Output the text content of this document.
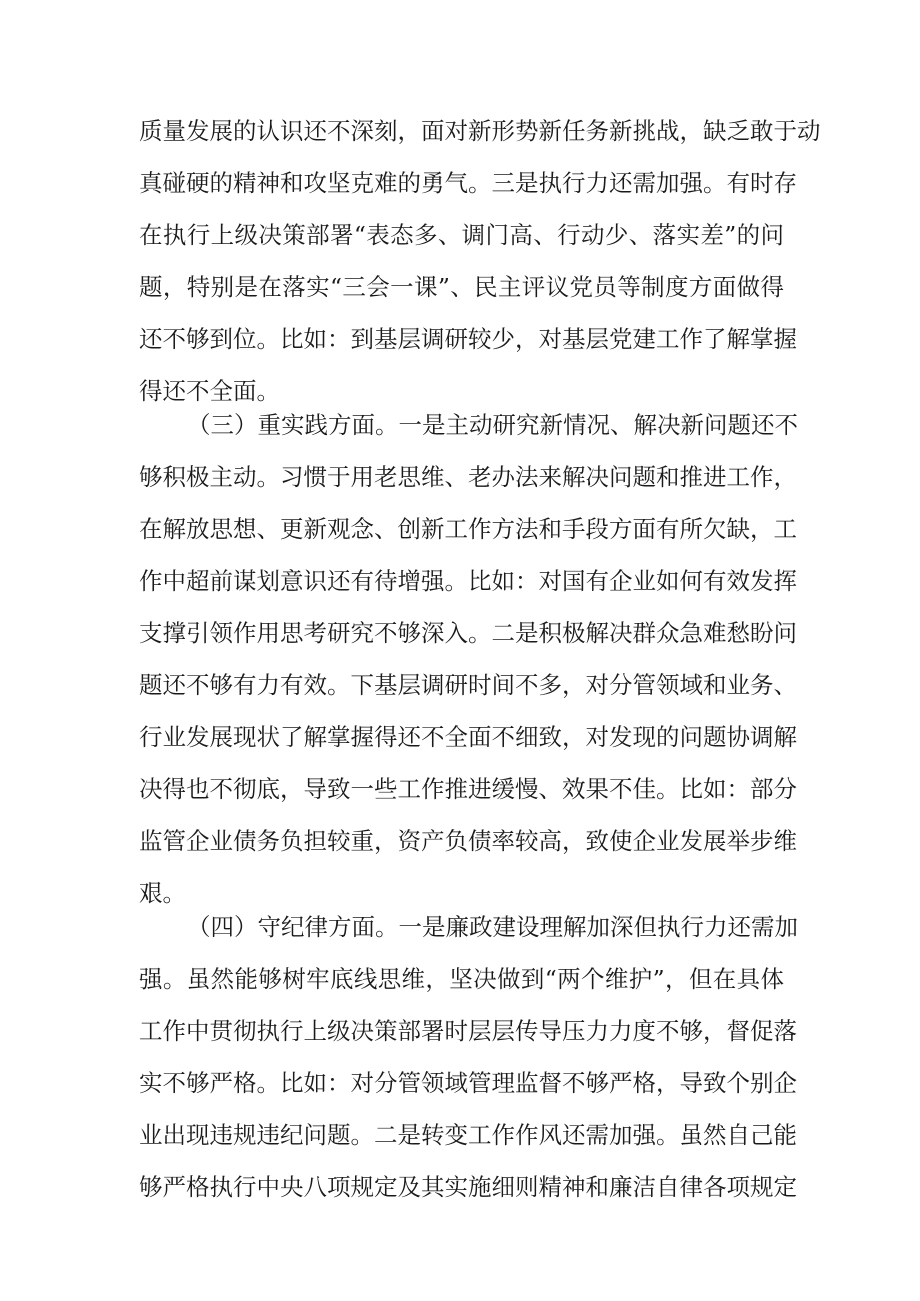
质量发展的认识还不深刻，面对新形势新任务新挑战，缺乏敢于动
真碰硬的精神和攻坚克难的勇气。三是执行力还需加强。有时存
在执行上级决策部署“表态多、调门高、行动少、落实差”的问
题，特别是在落实“三会一课”、民主评议党员等制度方面做得
还不够到位。比如：到基层调研较少，对基层党建工作了解掌握
得还不全面。
（三）重实践方面。一是主动研究新情况、解决新问题还不
够积极主动。习惯于用老思维、老办法来解决问题和推进工作，
在解放思想、更新观念、创新工作方法和手段方面有所欠缺，工
作中超前谋划意识还有待增强。比如：对国有企业如何有效发挥
支撑引领作用思考研究不够深入。二是积极解决群众急难愁盼问
题还不够有力有效。下基层调研时间不多，对分管领域和业务、
行业发展现状了解掌握得还不全面不细致，对发现的问题协调解
决得也不彻底，导致一些工作推进缓慢、效果不佳。比如：部分
监管企业债务负担较重，资产负债率较高，致使企业发展举步维
艰。
（四）守纪律方面。一是廉政建设理解加深但执行力还需加
强。虽然能够树牢底线思维，坚决做到“两个维护”，但在具体
工作中贯彻执行上级决策部署时层层传导压力力度不够，督促落
实不够严格。比如：对分管领域管理监督不够严格，导致个别企
业出现违规违纪问题。二是转变工作作风还需加强。虽然自己能
够严格执行中央八项规定及其实施细则精神和廉洁自律各项规定
